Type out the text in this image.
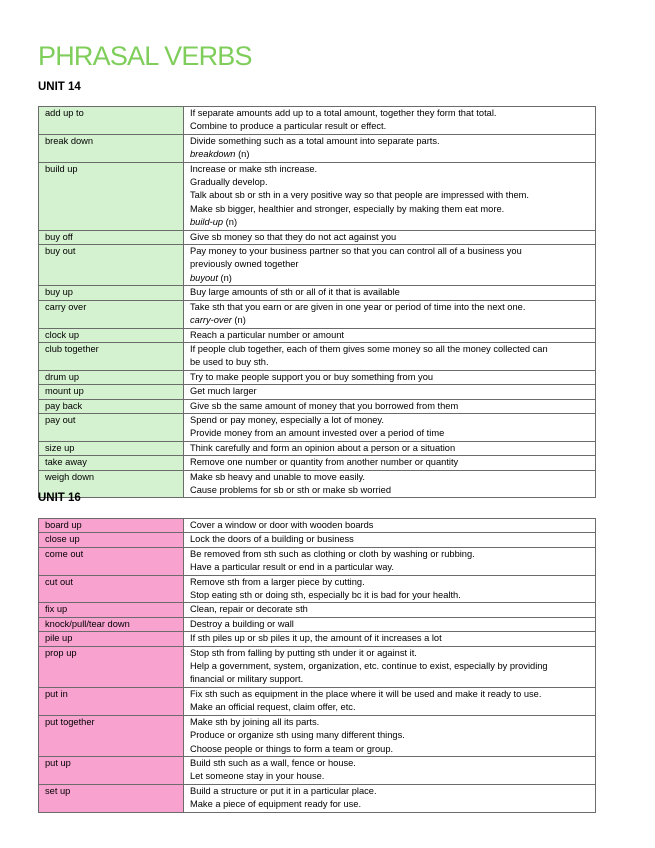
PHRASAL VERBS
UNIT 14
add up to	If separate amounts add up to a total amount, together they form that total.
Combine to produce a particular result or effect.

break down	Divide something such as a total amount into separate parts.
breakdown (n)

build up	Increase or make sth increase.
Gradually develop.
Talk about sb or sth in a very positive way so that people are impressed with them.
Make sb bigger, healthier and stronger, especially by making them eat more.
build-up (n)

buy off	Give sb money so that they do not act against you

buy out	Pay money to your business partner so that you can control all of a business you
previously owned together
buyout (n)

buy up	Buy large amounts of sth or all of it that is available

carry over	Take sth that you earn or are given in one year or period of time into the next one.
carry-over (n)

clock up	Reach a particular number or amount

club together	If people club together, each of them gives some money so all the money collected can
be used to buy sth.

drum up	Try to make people support you or buy something from you

mount up	Get much larger

pay back	Give sb the same amount of money that you borrowed from them

pay out	Spend or pay money, especially a lot of money.
Provide money from an amount invested over a period of time

size up	Think carefully and form an opinion about a person or a situation

take away	Remove one number or quantity from another number or quantity

weigh down	Make sb heavy and unable to move easily.
Cause problems for sb or sth or make sb worried
UNIT 16
board up	Cover a window or door with wooden boards

close up	Lock the doors of a building or business

come out	Be removed from sth such as clothing or cloth by washing or rubbing.
Have a particular result or end in a particular way.

cut out	Remove sth from a larger piece by cutting.
Stop eating sth or doing sth, especially bc it is bad for your health.

fix up	Clean, repair or decorate sth

knock/pull/tear down	Destroy a building or wall

pile up	If sth piles up or sb piles it up, the amount of it increases a lot

prop up	Stop sth from falling by putting sth under it or against it.
Help a government, system, organization, etc. continue to exist, especially by providing
financial or military support.

put in	Fix sth such as equipment in the place where it will be used and make it ready to use.
Make an official request, claim offer, etc.

put together	Make sth by joining all its parts.
Produce or organize sth using many different things.
Choose people or things to form a team or group.

put up	Build sth such as a wall, fence or house.
Let someone stay in your house.

set up	Build a structure or put it in a particular place.
Make a piece of equipment ready for use.
